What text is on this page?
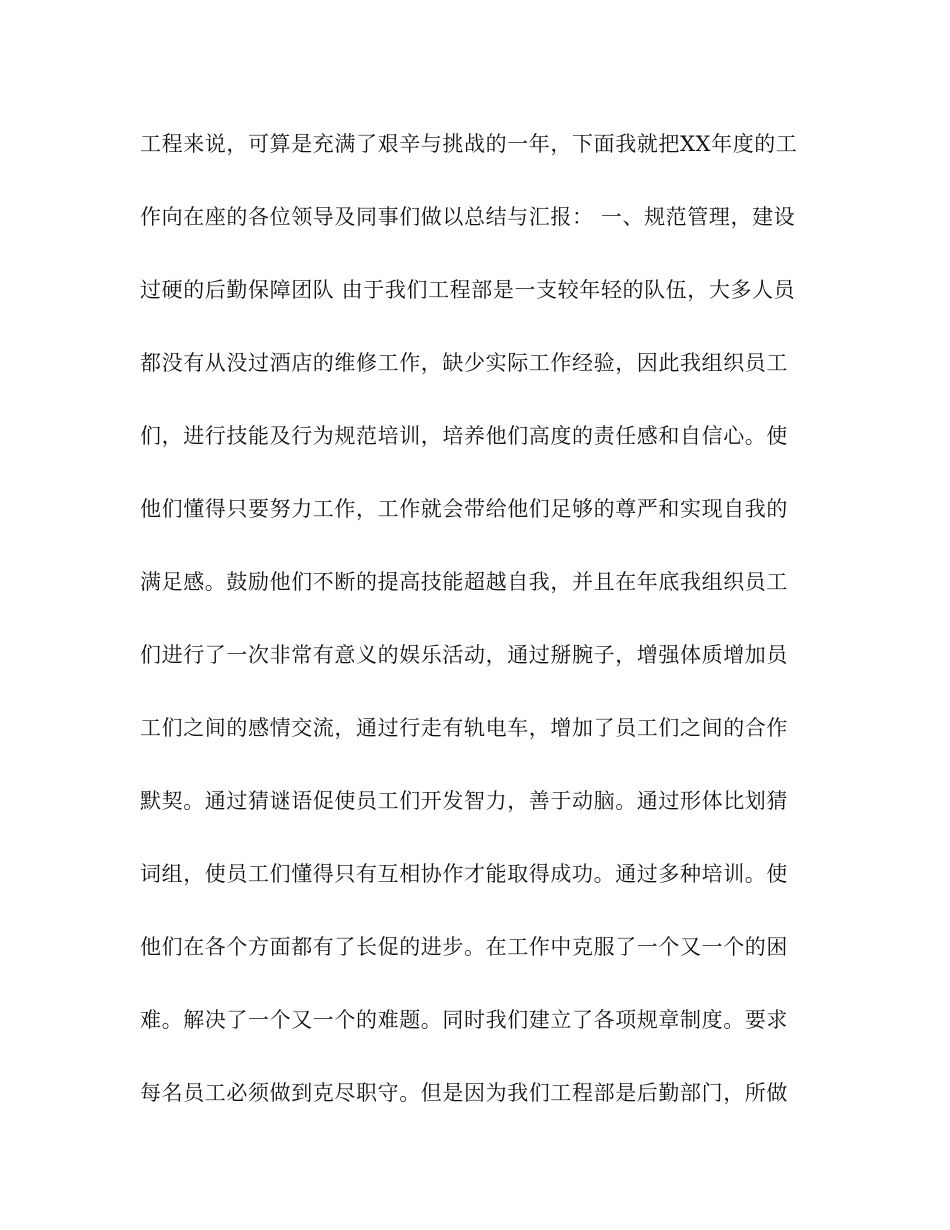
工程来说，可算是充满了艰辛与挑战的一年，下面我就把XX年度的工
作向在座的各位领导及同事们做以总结与汇报： 一、规范管理，建设
过硬的后勤保障团队 由于我们工程部是一支较年轻的队伍，大多人员
都没有从没过酒店的维修工作，缺少实际工作经验，因此我组织员工
们，进行技能及行为规范培训，培养他们高度的责任感和自信心。使
他们懂得只要努力工作，工作就会带给他们足够的尊严和实现自我的
满足感。鼓励他们不断的提高技能超越自我，并且在年底我组织员工
们进行了一次非常有意义的娱乐活动，通过掰腕子，增强体质增加员
工们之间的感情交流，通过行走有轨电车，增加了员工们之间的合作
默契。通过猜谜语促使员工们开发智力，善于动脑。通过形体比划猜
词组，使员工们懂得只有互相协作才能取得成功。通过多种培训。使
他们在各个方面都有了长促的进步。在工作中克服了一个又一个的困
难。解决了一个又一个的难题。同时我们建立了各项规章制度。要求
每名员工必须做到克尽职守。但是因为我们工程部是后勤部门，所做
